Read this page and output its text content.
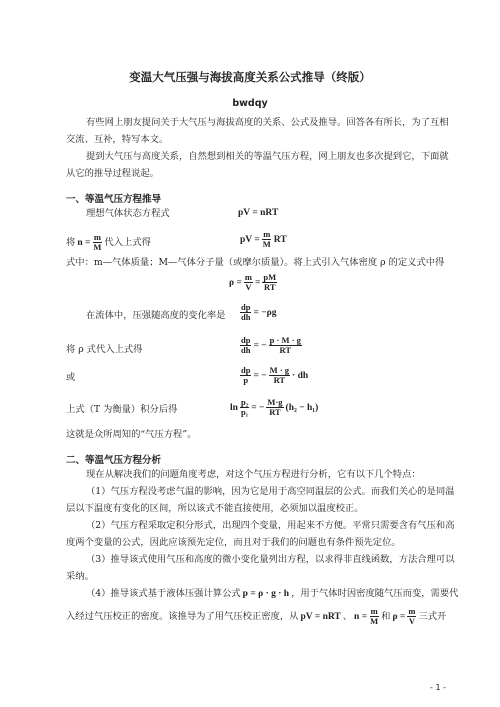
变温大气压强与海拔高度关系公式推导（终版）
bwdqy
有些网上朋友提问关于大气压与海拔高度的关系、公式及推导。回答各有所长，为了互相
交流、互补，特写本文。
提到大气压与高度关系，自然想到相关的等温气压方程，网上朋友也多次提到它，下面就
从它的推导过程说起。
一、等温气压方程推导
理想气体状态方程式	pV = nRT
将 $n = \frac{m}{M}$ 代入上式得	pV = $\frac{m}{M}$ RT
式中：m—气体质量；M—气体分子量（或摩尔质量）。将上式引入气体密度 ρ 的定义式中得
$\rho = \frac{m}{V} = \frac{pM}{RT}$
在流体中，压强随高度的变化率是 $\frac{dp}{dh} = -\rho g$
将 ρ 式代入上式得	$\frac{dp}{dh}$ = − $\frac{p \cdot M \cdot g}{RT}$
或	$\frac{dp}{p}$ = − $\frac{M \cdot g}{RT}$ · dh
上式（T 为衡量）积分后得	$\ln \frac{\text{p₂}}{\text{p₁}}$ = − $\frac{M\cdot g}{RT} (h_2 - h_1)$
这就是众所周知的“气压方程”。
二、等温气压方程分析
现在从解决我们的问题角度考虑，对这个气压方程进行分析，它有以下几个特点：
（1）气压方程没考虑气温的影响，因为它是用于高空同温层的公式。而我们关心的是同温
层以下温度有变化的区间，所以该式不能直接使用，必须加以温度校正。
（2）气压方程采取定积分形式，出现四个变量，用起来不方便。平常只需要含有气压和高
度两个变量的公式，因此应该预先定位，而且对于我们的问题也有条件预先定位。
（3）推导该式使用气压和高度的微小变化量列出方程，以求得非直线函数，方法合理可以
采纳。
（4）推导该式基于液体压强计算公式 p = ρ · g · h ，用于气体时因密度随气压而变，需要代
入经过气压校正的密度。该推导为了用气压校正密度，从 pV = nRT 、 $n = \frac{m}{M}$ 和 $\rho = \frac{m}{V}$ 三式开
- 1 -
